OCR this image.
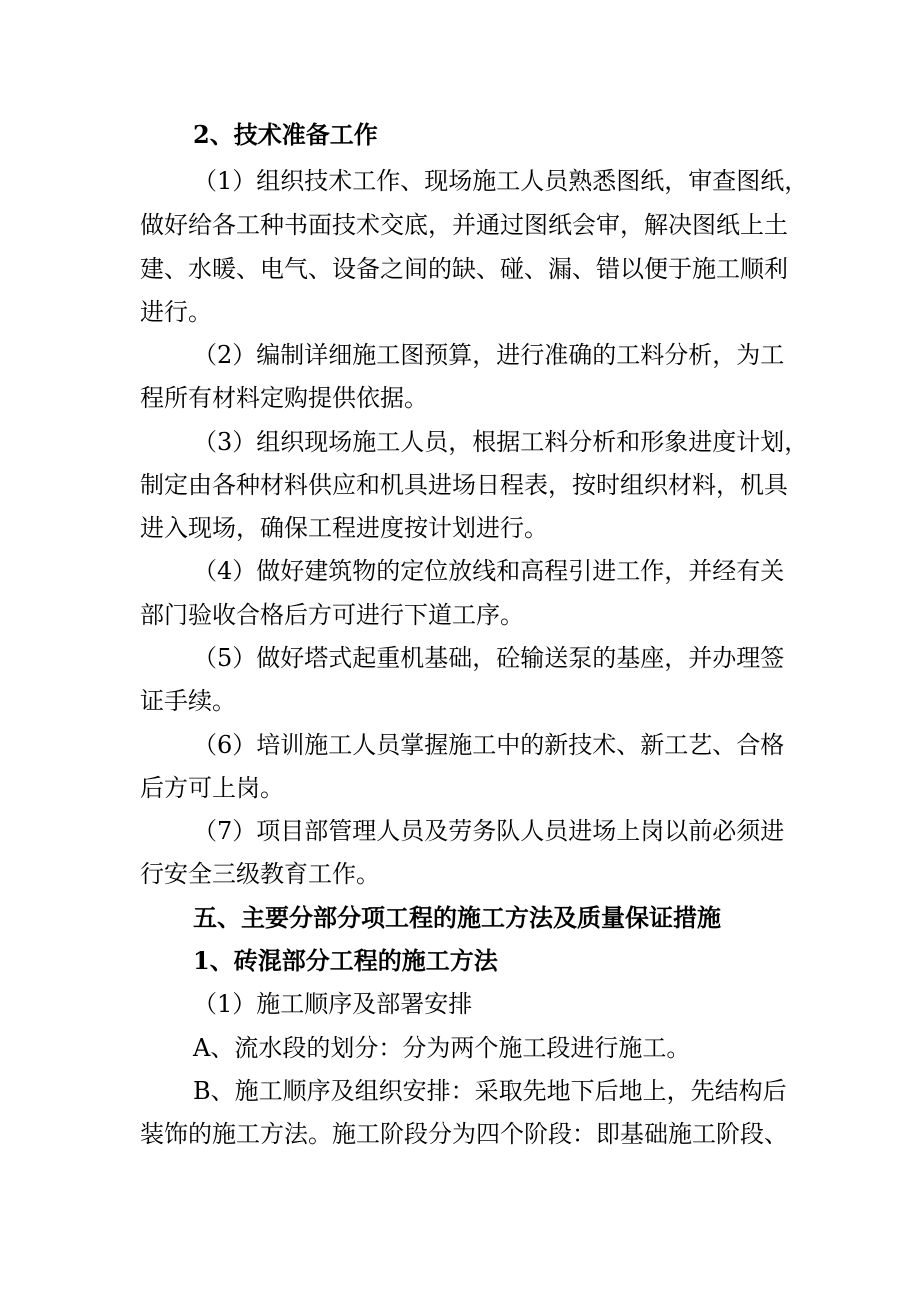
2、技术准备工作
（1）组织技术工作、现场施工人员熟悉图纸，审查图纸，
做好给各工种书面技术交底，并通过图纸会审，解决图纸上土
建、水暖、电气、设备之间的缺、碰、漏、错以便于施工顺利
进行。
（2）编制详细施工图预算，进行准确的工料分析，为工
程所有材料定购提供依据。
（3）组织现场施工人员，根据工料分析和形象进度计划，
制定由各种材料供应和机具进场日程表，按时组织材料，机具
进入现场，确保工程进度按计划进行。
（4）做好建筑物的定位放线和高程引进工作，并经有关
部门验收合格后方可进行下道工序。
（5）做好塔式起重机基础，砼输送泵的基座，并办理签
证手续。
（6）培训施工人员掌握施工中的新技术、新工艺、合格
后方可上岗。
（7）项目部管理人员及劳务队人员进场上岗以前必须进
行安全三级教育工作。
五、主要分部分项工程的施工方法及质量保证措施
1、砖混部分工程的施工方法
（1）施工顺序及部署安排
A、流水段的划分：分为两个施工段进行施工。
B、施工顺序及组织安排：采取先地下后地上，先结构后
装饰的施工方法。施工阶段分为四个阶段：即基础施工阶段、
